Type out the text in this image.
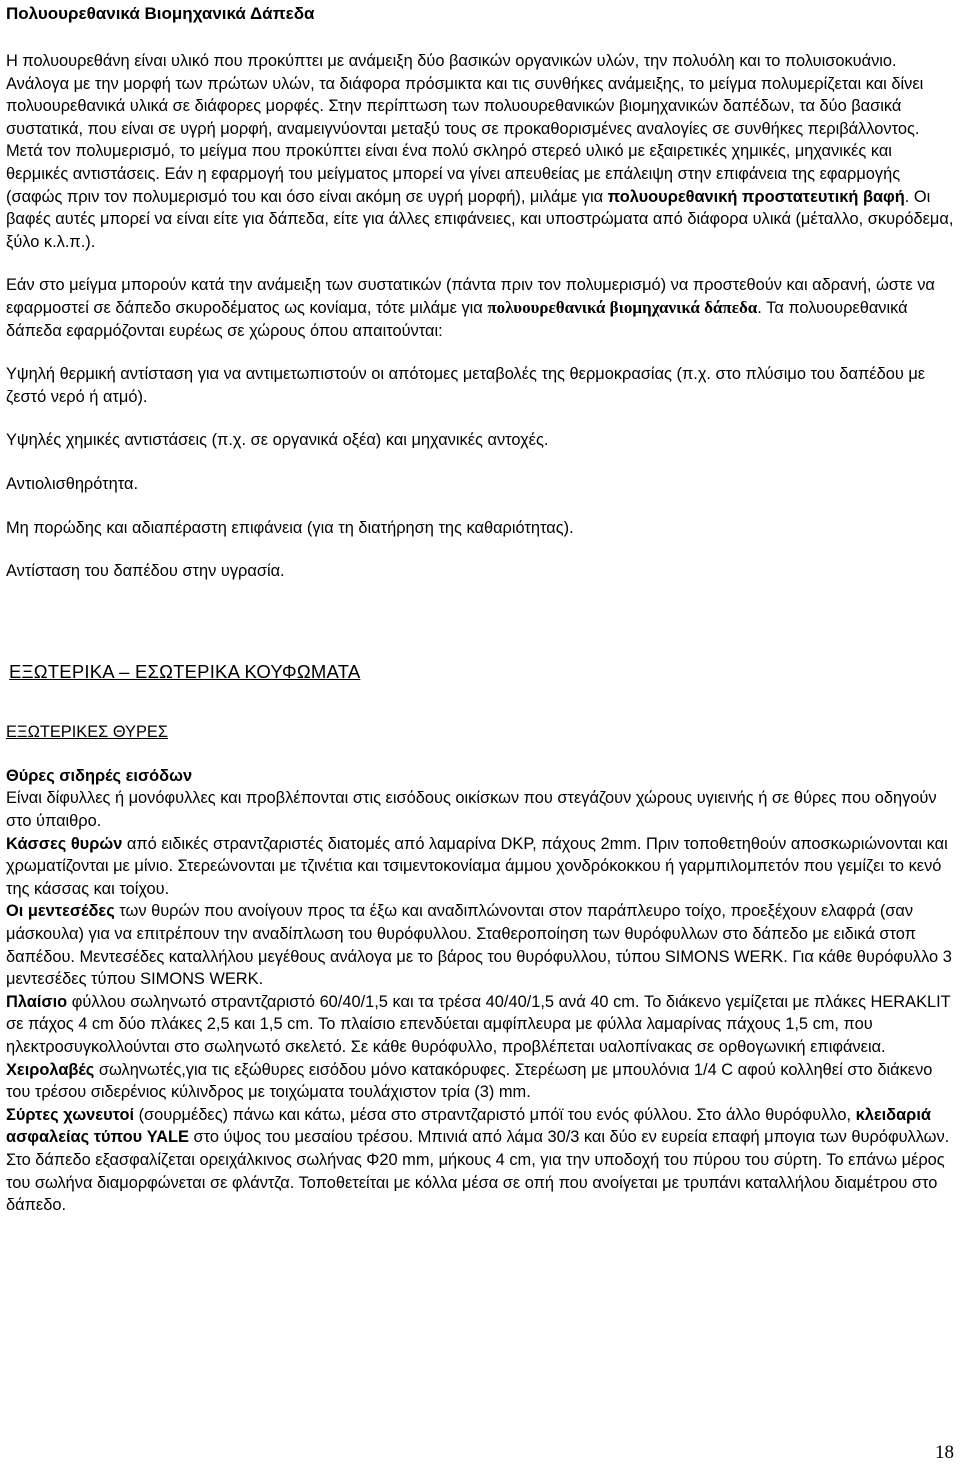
Πολυουρεθανικά Βιομηχανικά Δάπεδα

Η πολυουρεθάνη είναι υλικό που προκύπτει με ανάμειξη δύο βασικών οργανικών υλών, την πολυόλη και το πολυισοκυάνιο. Ανάλογα με την μορφή των πρώτων υλών, τα διάφορα πρόσμικτα και τις συνθήκες ανάμειξης, το μείγμα πολυμερίζεται και δίνει πολυουρεθανικά υλικά σε διάφορες μορφές. Στην περίπτωση των πολυουρεθανικών βιομηχανικών δαπέδων, τα δύο βασικά συστατικά, που είναι σε υγρή μορφή, αναμειγνύονται μεταξύ τους σε προκαθορισμένες αναλογίες σε συνθήκες περιβάλλοντος. Μετά τον πολυμερισμό, το μείγμα που προκύπτει είναι ένα πολύ σκληρό στερεό υλικό με εξαιρετικές χημικές, μηχανικές και θερμικές αντιστάσεις. Εάν η εφαρμογή του μείγματος μπορεί να γίνει απευθείας με επάλειψη στην επιφάνεια της εφαρμογής (σαφώς πριν τον πολυμερισμό του και όσο είναι ακόμη σε υγρή μορφή), μιλάμε για πολυουρεθανική προστατευτική βαφή. Οι βαφές αυτές μπορεί να είναι είτε για δάπεδα, είτε για άλλες επιφάνειες, και υποστρώματα από διάφορα υλικά (μέταλλο, σκυρόδεμα, ξύλο κ.λ.π.).

Εάν στο μείγμα μπορούν κατά την ανάμειξη των συστατικών (πάντα πριν τον πολυμερισμό) να προστεθούν και αδρανή, ώστε να εφαρμοστεί σε δάπεδο σκυροδέματος ως κονίαμα, τότε μιλάμε για πολυουρεθανικά βιομηχανικά δάπεδα. Τα πολυουρεθανικά δάπεδα εφαρμόζονται ευρέως σε χώρους όπου απαιτούνται:

Υψηλή θερμική αντίσταση για να αντιμετωπιστούν οι απότομες μεταβολές της θερμοκρασίας (π.χ. στο πλύσιμο του δαπέδου με ζεστό νερό ή ατμό).

Υψηλές χημικές αντιστάσεις (π.χ. σε οργανικά οξέα) και μηχανικές αντοχές.

Αντιολισθηρότητα.

Μη πορώδης και αδιαπέραστη επιφάνεια (για τη διατήρηση της καθαριότητας).

Αντίσταση του δαπέδου στην υγρασία.

ΕΞΩΤΕΡΙΚΑ – ΕΣΩΤΕΡΙΚΑ ΚΟΥΦΩΜΑΤΑ

ΕΞΩΤΕΡΙΚΕΣ ΘΥΡΕΣ

Θύρες σιδηρές εισόδων

Είναι δίφυλλες ή μονόφυλλες και προβλέπονται στις εισόδους οικίσκων που στεγάζουν χώρους υγιεινής ή σε θύρες που οδηγούν στο ύπαιθρο.

Κάσσες θυρών από ειδικές στραντζαριστές διατομές από λαμαρίνα DKP, πάχους 2mm. Πριν τοποθετηθούν αποσκωριώνονται και χρωματίζονται με μίνιο. Στερεώνονται με τζινέτια και τσιμεντοκονίαμα άμμου χονδρόκοκκου ή γαρμπιλομπετόν που γεμίζει το κενό της κάσσας και τοίχου.

Οι μεντεσέδες των θυρών που ανοίγουν προς τα έξω και αναδιπλώνονται στον παράπλευρο τοίχο, προεξέχουν ελαφρά (σαν μάσκουλα) για να επιτρέπουν την αναδίπλωση του θυρόφυλλου. Σταθεροποίηση των θυρόφυλλων στο δάπεδο με ειδικά στοπ δαπέδου. Μεντεσέδες καταλλήλου μεγέθους ανάλογα με το βάρος του θυρόφυλλου, τύπου SIMONS WERK. Για κάθε θυρόφυλλο 3 μεντεσέδες τύπου SIMONS WERK.

Πλαίσιο φύλλου σωληνωτό στραντζαριστό 60/40/1,5 και τα τρέσα 40/40/1,5 ανά 40 cm. Το διάκενο γεμίζεται με πλάκες HERAKLIT σε πάχος 4 cm δύο πλάκες 2,5 και 1,5 cm. Το πλαίσιο επενδύεται αμφίπλευρα με φύλλα λαμαρίνας πάχους 1,5 cm, που ηλεκτροσυγκολλούνται στο σωληνωτό σκελετό. Σε κάθε θυρόφυλλο, προβλέπεται υαλοπίνακας σε ορθογωνική επιφάνεια.

Χειρολαβές σωληνωτές,για τις εξώθυρες εισόδου μόνο κατακόρυφες. Στερέωση με μπουλόνια 1/4 C αφού κολληθεί στο διάκενο του τρέσου σιδερένιος κύλινδρος με τοιχώματα τουλάχιστον τρία (3) mm.

Σύρτες χωνευτοί (σουρμέδες) πάνω και κάτω, μέσα στο στραντζαριστό μπόϊ του ενός φύλλου. Στο άλλο θυρόφυλλο, κλειδαριά ασφαλείας τύπου YALE στο ύψος του μεσαίου τρέσου. Μπινιά από λάμα 30/3 και δύο εν ευρεία επαφή μπογια των θυρόφυλλων. Στο δάπεδο εξασφαλίζεται ορειχάλκινος σωλήνας Φ20 mm, μήκους 4 cm, για την υποδοχή του πύρου του σύρτη. Το επάνω μέρος του σωλήνα διαμορφώνεται σε φλάντζα. Τοποθετείται με κόλλα μέσα σε οπή που ανοίγεται με τρυπάνι καταλλήλου διαμέτρου στο δάπεδο.

18
